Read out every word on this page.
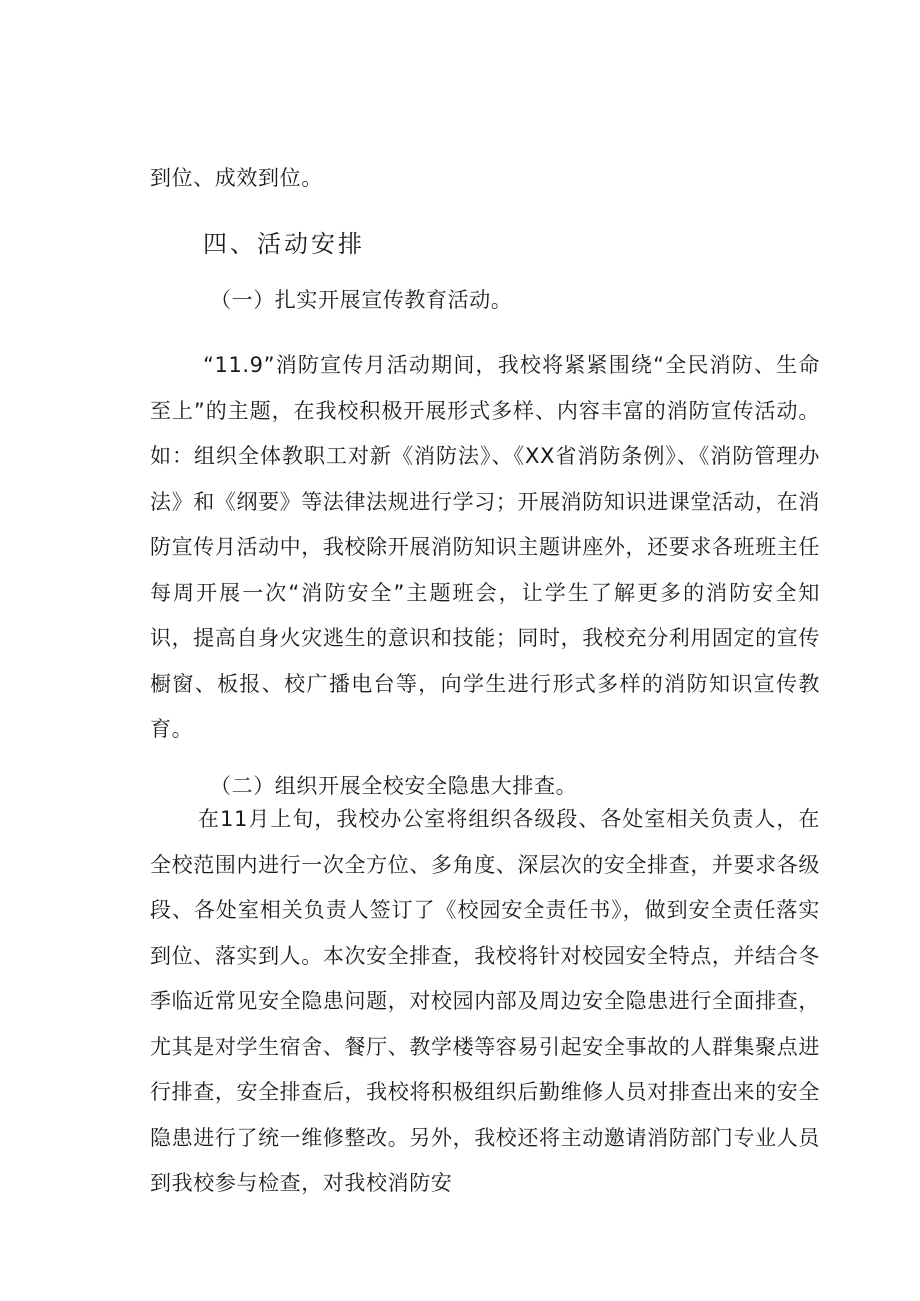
到位、成效到位。

四、活动安排
（一）扎实开展宣传教育活动。

“11.9”消防宣传月活动期间，我校将紧紧围绕“全民消防、生命至上”的主题，在我校积极开展形式多样、内容丰富的消防宣传活动。如：组织全体教职工对新《消防法》、《XX省消防条例》、《消防管理办法》和《纲要》等法律法规进行学习；开展消防知识进课堂活动，在消防宣传月活动中，我校除开展消防知识主题讲座外，还要求各班班主任每周开展一次“消防安全”主题班会，让学生了解更多的消防安全知识，提高自身火灾逃生的意识和技能；同时，我校充分利用固定的宣传橱窗、板报、校广播电台等，向学生进行形式多样的消防知识宣传教育。

（二）组织开展全校安全隐患大排查。

在11月上旬，我校办公室将组织各级段、各处室相关负责人，在全校范围内进行一次全方位、多角度、深层次的安全排查，并要求各级段、各处室相关负责人签订了《校园安全责任书》，做到安全责任落实到位、落实到人。本次安全排查，我校将针对校园安全特点，并结合冬季临近常见安全隐患问题，对校园内部及周边安全隐患进行全面排查，尤其是对学生宿舍、餐厅、教学楼等容易引起安全事故的人群集聚点进行排查，安全排查后，我校将积极组织后勤维修人员对排查出来的安全隐患进行了统一维修整改。另外，我校还将主动邀请消防部门专业人员到我校参与检查，对我校消防安
